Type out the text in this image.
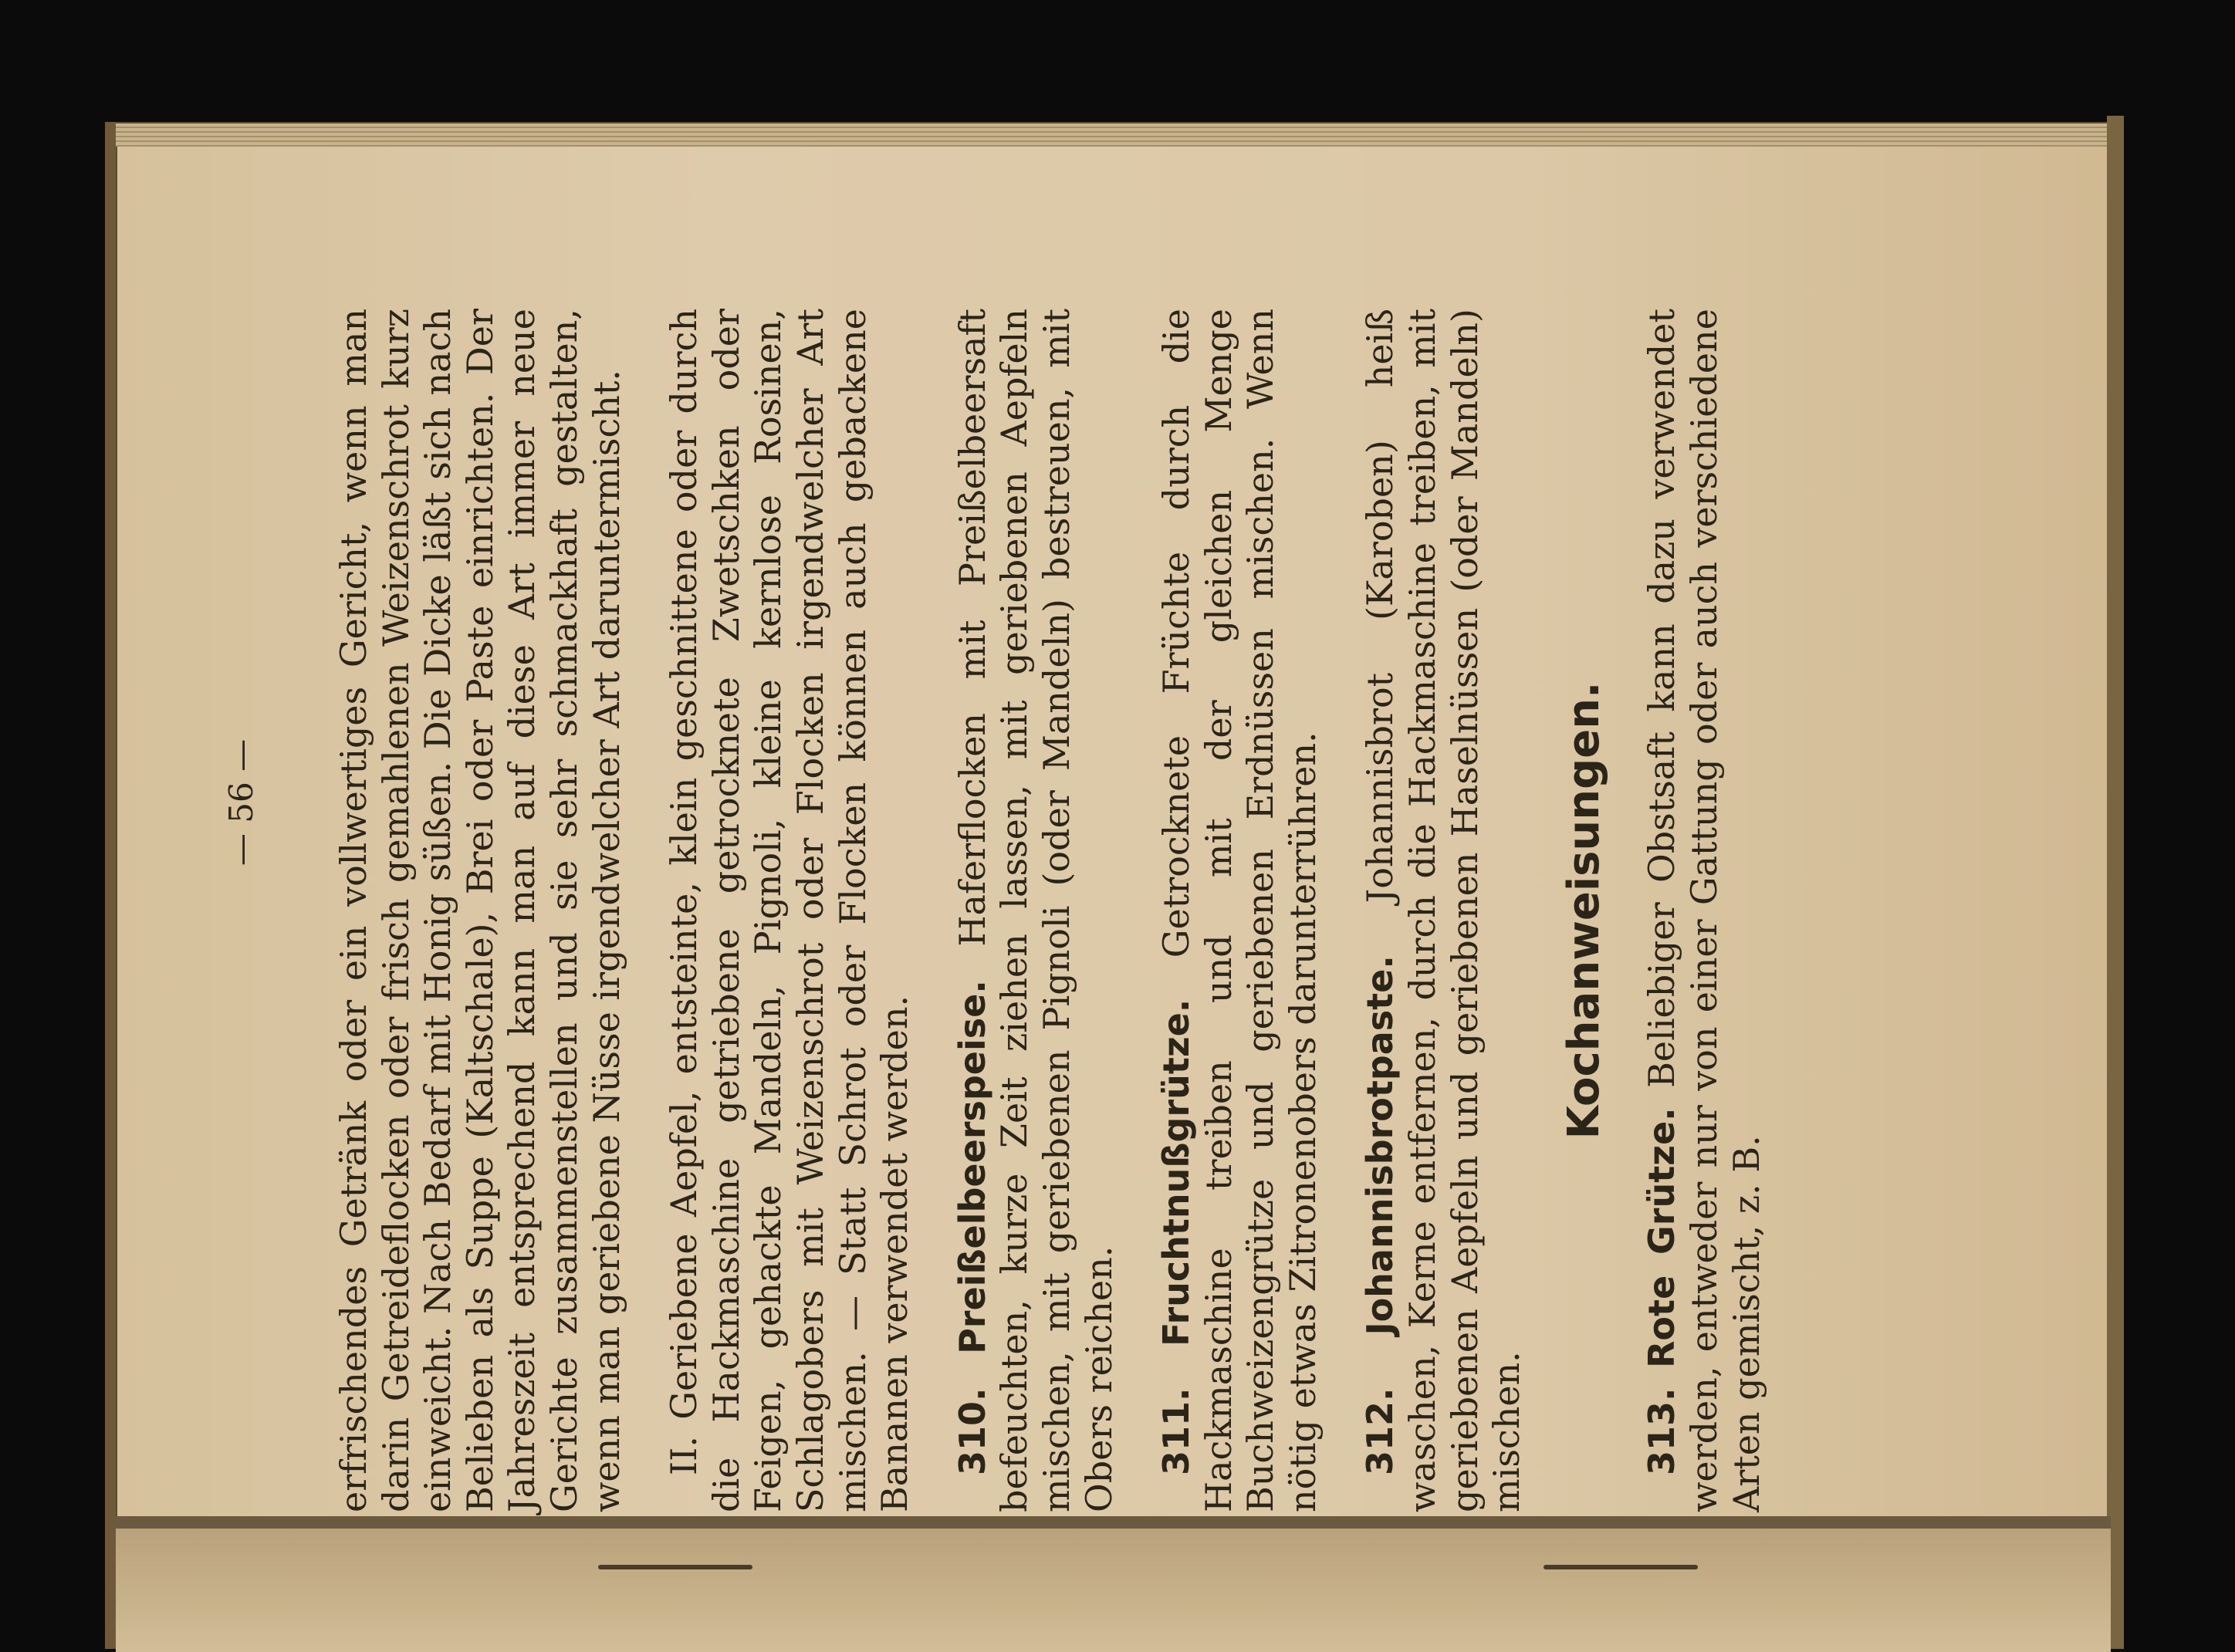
erfrischendes Getränk oder ein vollwertiges Gericht, wenn man darin Getreideflocken oder frisch gemahlenen Weizenschrot kurz einweicht. Nach Bedarf mit Honig süßen. Die Dicke läßt sich nach Belieben als Suppe (Kaltschale), Brei oder Paste einrichten. Der Jahreszeit entsprechend kann man auf diese Art immer neue Gerichte zusammenstellen und sie sehr schmackhaft gestalten, wenn man geriebene Nüsse irgendwelcher Art daruntermischt. II. Geriebene Aepfel, entsteinte, klein geschnittene oder durch die Hackmaschine getriebene getrocknete Zwetschken oder Feigen, gehackte Mandeln, Pignoli, kleine kernlose Rosinen, Schlagobers mit Weizenschrot oder Flocken irgendwelcher Art mischen. — Statt Schrot oder Flocken können auch gebackene Bananen verwendet werden. 310. Preißelbeerspeise. Haferflocken mit Preißelbeersaft befeuchten, kurze Zeit ziehen lassen, mit geriebenen Aepfeln mischen, mit geriebenen Pignoli (oder Mandeln) bestreuen, mit Obers reichen. 311. Fruchtnußgrütze. Getrocknete Früchte durch die Hackmaschine treiben und mit der gleichen Menge Buchweizengrütze und geriebenen Erdnüssen mischen. Wenn nötig etwas Zitronenobers darunterrühren. 312. Johannisbrotpaste. Johannisbrot (Karoben) heiß waschen, Kerne entfernen, durch die Hackmaschine treiben, mit geriebenen Aepfeln und geriebenen Haselnüssen (oder Mandeln) mischen.

Kochanweisungen.

313. Rote Grütze. Beliebiger Obstsaft kann dazu verwendet werden, entweder nur von einer Gattung oder auch verschiedene Arten gemischt, z. B.

— 56 —
